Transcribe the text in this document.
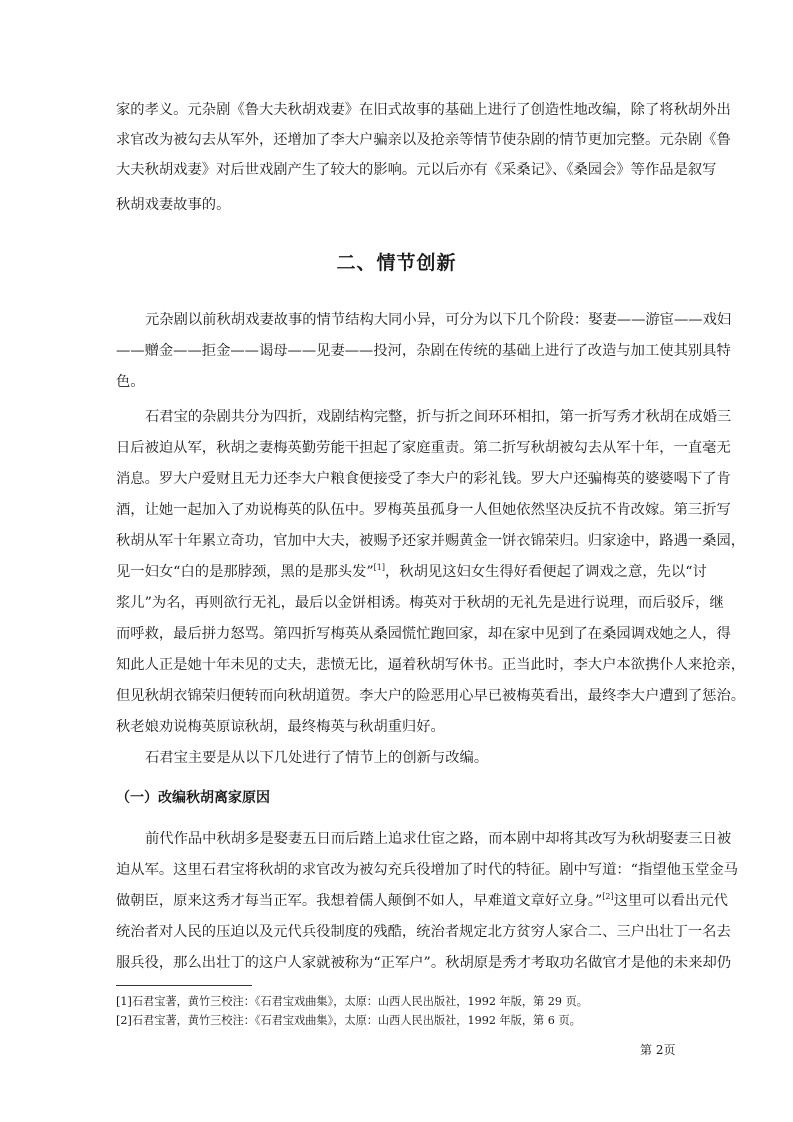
家的孝义。元杂剧《鲁大夫秋胡戏妻》在旧式故事的基础上进行了创造性地改编，除了将秋胡外出
求官改为被勾去从军外，还增加了李大户骗亲以及抢亲等情节使杂剧的情节更加完整。元杂剧《鲁
大夫秋胡戏妻》对后世戏剧产生了较大的影响。元以后亦有《采桑记》、《桑园会》等作品是叙写
秋胡戏妻故事的。
二、情节创新
元杂剧以前秋胡戏妻故事的情节结构大同小异，可分为以下几个阶段：娶妻——游宦——戏妇
——赠金——拒金——谒母——见妻——投河，杂剧在传统的基础上进行了改造与加工使其别具特
色。
石君宝的杂剧共分为四折，戏剧结构完整，折与折之间环环相扣，第一折写秀才秋胡在成婚三
日后被迫从军，秋胡之妻梅英勤劳能干担起了家庭重责。第二折写秋胡被勾去从军十年，一直毫无
消息。罗大户爱财且无力还李大户粮食便接受了李大户的彩礼钱。罗大户还骗梅英的婆婆喝下了肯
酒，让她一起加入了劝说梅英的队伍中。罗梅英虽孤身一人但她依然坚决反抗不肯改嫁。第三折写
秋胡从军十年累立奇功，官加中大夫，被赐予还家并赐黄金一饼衣锦荣归。归家途中，路遇一桑园，
见一妇女“白的是那脖颈，黑的是那头发”[1]，秋胡见这妇女生得好看便起了调戏之意，先以“讨
浆儿”为名，再则欲行无礼，最后以金饼相诱。梅英对于秋胡的无礼先是进行说理，而后驳斥，继
而呼救，最后拼力怒骂。第四折写梅英从桑园慌忙跑回家，却在家中见到了在桑园调戏她之人，得
知此人正是她十年未见的丈夫，悲愤无比，逼着秋胡写休书。正当此时，李大户本欲携仆人来抢亲，
但见秋胡衣锦荣归便转而向秋胡道贺。李大户的险恶用心早已被梅英看出，最终李大户遭到了惩治。
秋老娘劝说梅英原谅秋胡，最终梅英与秋胡重归好。
石君宝主要是从以下几处进行了情节上的创新与改编。
（一）改编秋胡离家原因
前代作品中秋胡多是娶妻五日而后踏上追求仕宦之路，而本剧中却将其改写为秋胡娶妻三日被
迫从军。这里石君宝将秋胡的求官改为被勾充兵役增加了时代的特征。剧中写道：“指望他玉堂金马
做朝臣，原来这秀才每当正军。我想着儒人颠倒不如人，早难道文章好立身。”[2]这里可以看出元代
统治者对人民的压迫以及元代兵役制度的残酷，统治者规定北方贫穷人家合二、三户出壮丁一名去
服兵役，那么出壮丁的这户人家就被称为“正军户”。秋胡原是秀才考取功名做官才是他的未来却仍
[1]石君宝著，黄竹三校注：《石君宝戏曲集》，太原：山西人民出版社，1992 年版，第 29 页。
[2]石君宝著，黄竹三校注：《石君宝戏曲集》，太原：山西人民出版社，1992 年版，第 6 页。
第 2页
